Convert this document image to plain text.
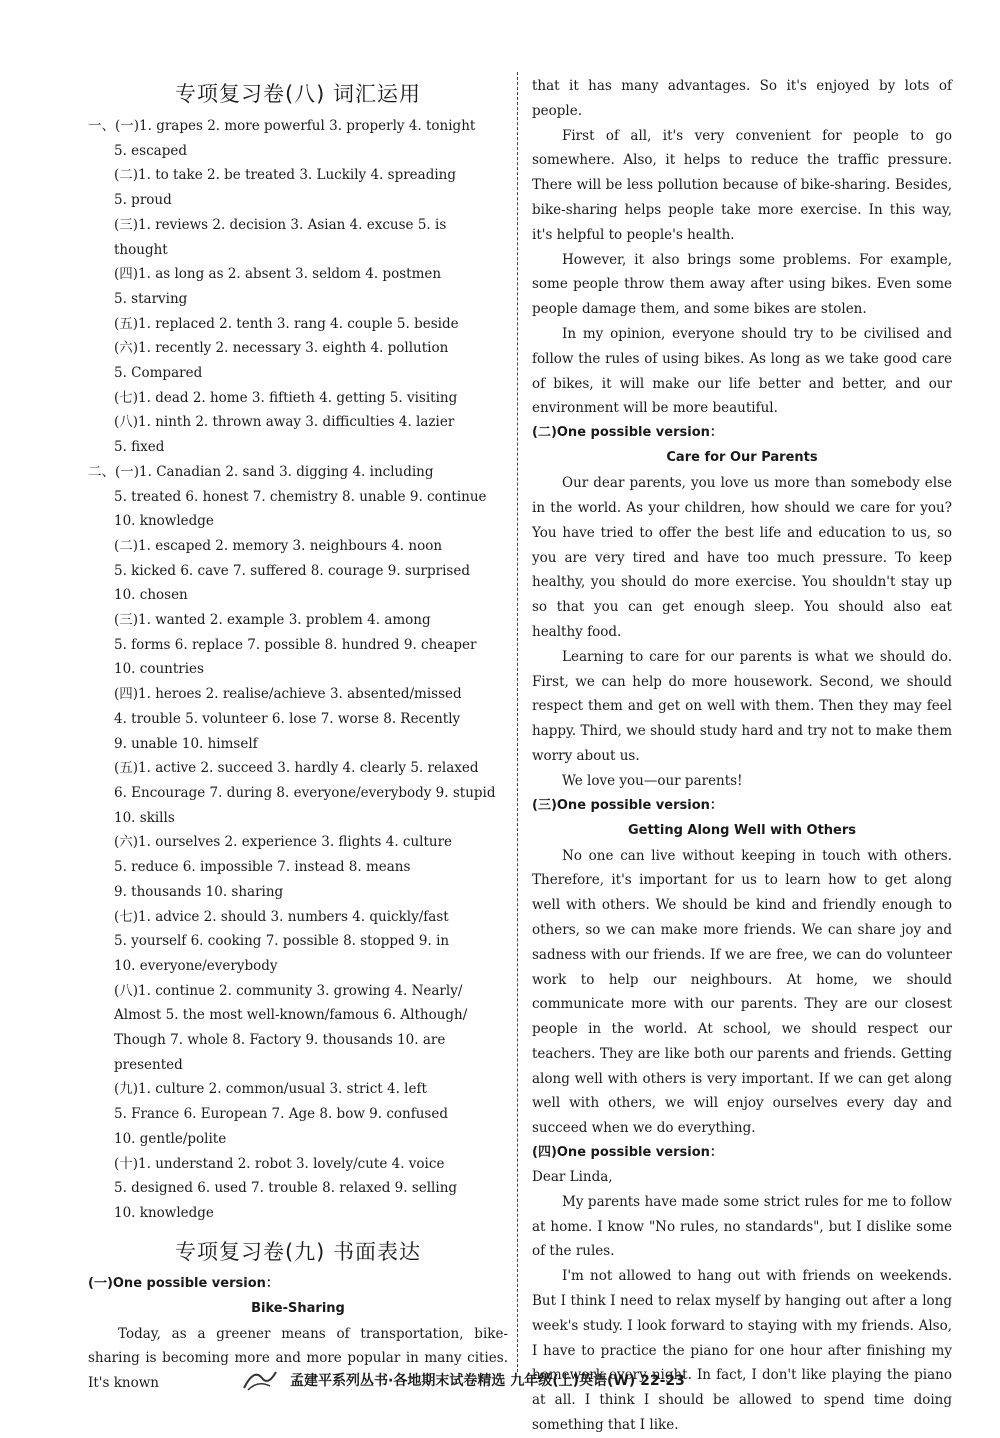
专项复习卷(八) 词汇运用
一、(一)1. grapes 2. more powerful 3. properly 4. tonight
5. escaped
(二)1. to take 2. be treated 3. Luckily 4. spreading
5. proud
(三)1. reviews 2. decision 3. Asian 4. excuse 5. is
thought
(四)1. as long as 2. absent 3. seldom 4. postmen
5. starving
(五)1. replaced 2. tenth 3. rang 4. couple 5. beside
(六)1. recently 2. necessary 3. eighth 4. pollution
5. Compared
(七)1. dead 2. home 3. fiftieth 4. getting 5. visiting
(八)1. ninth 2. thrown away 3. difficulties 4. lazier
5. fixed
二、(一)1. Canadian 2. sand 3. digging 4. including
5. treated 6. honest 7. chemistry 8. unable 9. continue
10. knowledge
(二)1. escaped 2. memory 3. neighbours 4. noon
5. kicked 6. cave 7. suffered 8. courage 9. surprised
10. chosen
(三)1. wanted 2. example 3. problem 4. among
5. forms 6. replace 7. possible 8. hundred 9. cheaper
10. countries
(四)1. heroes 2. realise/achieve 3. absented/missed
4. trouble 5. volunteer 6. lose 7. worse 8. Recently
9. unable 10. himself
(五)1. active 2. succeed 3. hardly 4. clearly 5. relaxed
6. Encourage 7. during 8. everyone/everybody 9. stupid
10. skills
(六)1. ourselves 2. experience 3. flights 4. culture
5. reduce 6. impossible 7. instead 8. means
9. thousands 10. sharing
(七)1. advice 2. should 3. numbers 4. quickly/fast
5. yourself 6. cooking 7. possible 8. stopped 9. in
10. everyone/everybody
(八)1. continue 2. community 3. growing 4. Nearly/
Almost 5. the most well-known/famous 6. Although/
Though 7. whole 8. Factory 9. thousands 10. are presented
(九)1. culture 2. common/usual 3. strict 4. left
5. France 6. European 7. Age 8. bow 9. confused
10. gentle/polite
(十)1. understand 2. robot 3. lovely/cute 4. voice
5. designed 6. used 7. trouble 8. relaxed 9. selling
10. knowledge
专项复习卷(九) 书面表达
(一)One possible version：
Bike-Sharing

Today, as a greener means of transportation, bike-sharing is becoming more and more popular in many cities. It's known

that it has many advantages. So it's enjoyed by lots of people.

First of all, it's very convenient for people to go somewhere. Also, it helps to reduce the traffic pressure. There will be less pollution because of bike-sharing. Besides, bike-sharing helps people take more exercise. In this way, it's helpful to people's health.

However, it also brings some problems. For example, some people throw them away after using bikes. Even some people damage them, and some bikes are stolen.

In my opinion, everyone should try to be civilised and follow the rules of using bikes. As long as we take good care of bikes, it will make our life better and better, and our environment will be more beautiful.

(二)One possible version：
Care for Our Parents

Our dear parents, you love us more than somebody else in the world. As your children, how should we care for you? You have tried to offer the best life and education to us, so you are very tired and have too much pressure. To keep healthy, you should do more exercise. You shouldn't stay up so that you can get enough sleep. You should also eat healthy food.

Learning to care for our parents is what we should do. First, we can help do more housework. Second, we should respect them and get on well with them. Then they may feel happy. Third, we should study hard and try not to make them worry about us.

We love you—our parents!

(三)One possible version：
Getting Along Well with Others

No one can live without keeping in touch with others. Therefore, it's important for us to learn how to get along well with others. We should be kind and friendly enough to others, so we can make more friends. We can share joy and sadness with our friends. If we are free, we can do volunteer work to help our neighbours. At home, we should communicate more with our parents. They are our closest people in the world. At school, we should respect our teachers. They are like both our parents and friends. Getting along well with others is very important. If we can get along well with others, we will enjoy ourselves every day and succeed when we do everything.

(四)One possible version：

Dear Linda,

My parents have made some strict rules for me to follow at home. I know "No rules, no standards", but I dislike some of the rules.

I'm not allowed to hang out with friends on weekends. But I think I need to relax myself by hanging out after a long week's study. I look forward to staying with my friends. Also, I have to practice the piano for one hour after finishing my homework every night. In fact, I don't like playing the piano at all. I think I should be allowed to spend time doing something that I like.

孟建平系列丛书·各地期末试卷精选 九年级(上)英语(W) 22-23
